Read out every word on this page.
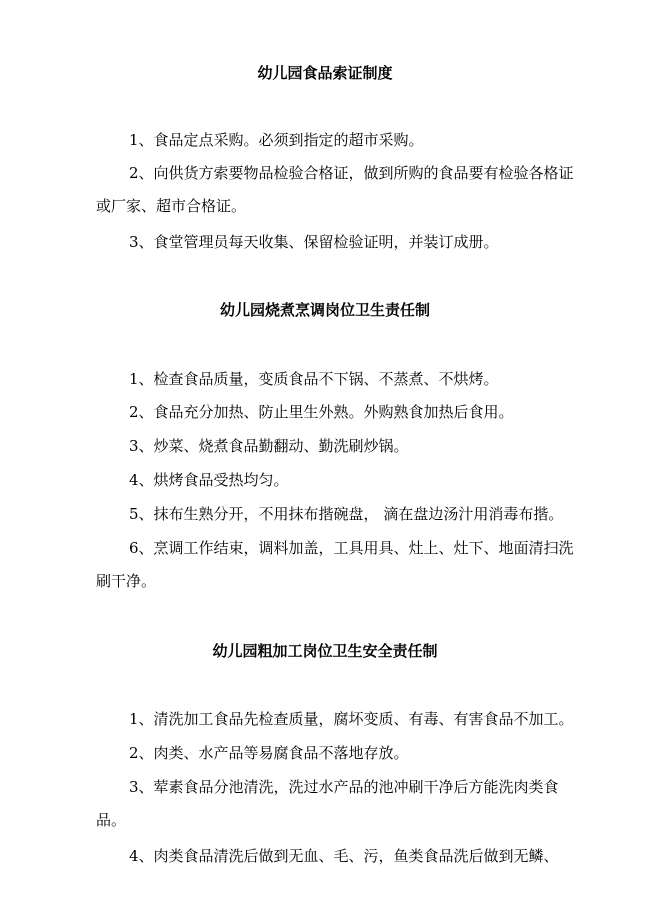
幼儿园食品索证制度

1、食品定点采购。必须到指定的超市采购。

2、向供货方索要物品检验合格证，做到所购的食品要有检验各格证或厂家、超市合格证。

3、食堂管理员每天收集、保留检验证明，并装订成册。

幼儿园烧煮烹调岗位卫生责任制

1、检查食品质量，变质食品不下锅、不蒸煮、不烘烤。

2、食品充分加热、防止里生外熟。外购熟食加热后食用。

3、炒菜、烧煮食品勤翻动、勤洗刷炒锅。

4、烘烤食品受热均匀。

5、抹布生熟分开，不用抹布揩碗盘， 滴在盘边汤汁用消毒布揩。

6、烹调工作结束，调料加盖，工具用具、灶上、灶下、地面清扫洗刷干净。

幼儿园粗加工岗位卫生安全责任制

1、清洗加工食品先检查质量，腐坏变质、有毒、有害食品不加工。

2、肉类、水产品等易腐食品不落地存放。

3、荤素食品分池清洗，洗过水产品的池冲刷干净后方能洗肉类食品。

4、肉类食品清洗后做到无血、毛、污，鱼类食品洗后做到无鳞、
